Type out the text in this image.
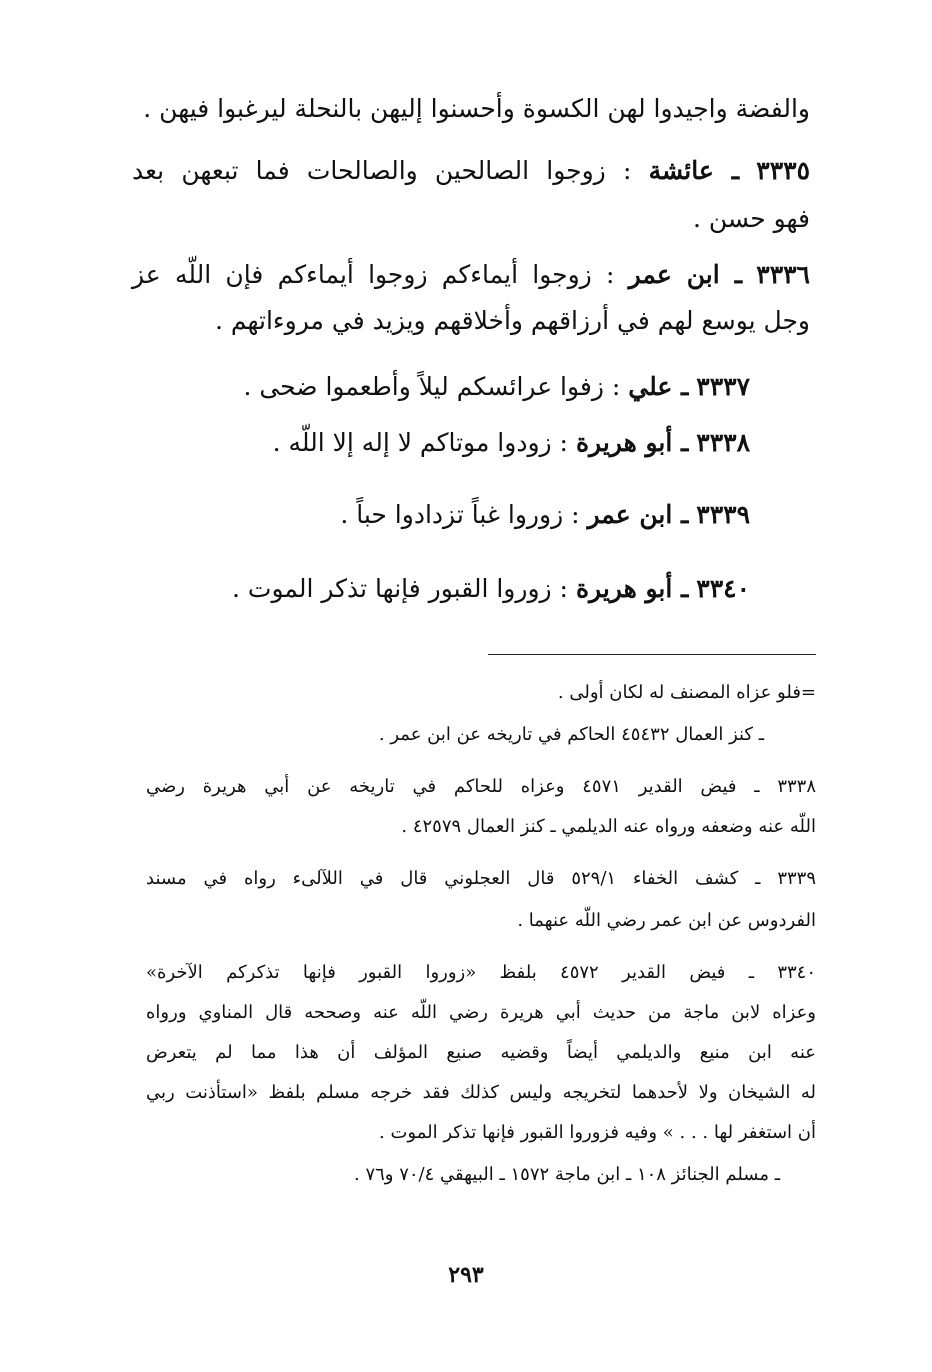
والفضة واجيدوا لهن الكسوة وأحسنوا إليهن بالنحلة ليرغبوا فيهن .

٣٣٣٥ ـ عائشة : زوجوا الصالحين والصالحات فما تبعهن بعد

فهو حسن .

٣٣٣٦ ـ ابن عمر : زوجوا أيماءكم زوجوا أيماءكم فإن اللّه عز

وجل يوسع لهم في أرزاقهم وأخلاقهم ويزيد في مروءاتهم .

٣٣٣٧ ـ علي : زفوا عرائسكم ليلاً وأطعموا ضحى .

٣٣٣٨ ـ أبو هريرة : زودوا موتاكم لا إله إلا اللّه .

٣٣٣٩ ـ ابن عمر : زوروا غباً تزدادوا حباً .

٣٣٤٠ ـ أبو هريرة : زوروا القبور فإنها تذكر الموت .

=فلو عزاه المصنف له لكان أولى .

ـ كنز العمال ٤٥٤٣٢ الحاكم في تاريخه عن ابن عمر .

٣٣٣٨ ـ فيض القدير ٤٥٧١ وعزاه للحاكم في تاريخه عن أبي هريرة رضي

اللّه عنه وضعفه ورواه عنه الديلمي ـ كنز العمال ٤٢٥٧٩ .

٣٣٣٩ ـ كشف الخفاء ٥٢٩/١ قال العجلوني قال في اللآلىء رواه في مسند

الفردوس عن ابن عمر رضي اللّه عنهما .

٣٣٤٠ ـ فيض القدير ٤٥٧٢ بلفظ «زوروا القبور فإنها تذكركم الآخرة»

وعزاه لابن ماجة من حديث أبي هريرة رضي اللّه عنه وصححه قال المناوي ورواه

عنه ابن منيع والديلمي أيضاً وقضيه صنيع المؤلف أن هذا مما لم يتعرض

له الشيخان ولا لأحدهما لتخريجه وليس كذلك فقد خرجه مسلم بلفظ «استأذنت ربي

أن استغفر لها . . . » وفيه فزوروا القبور فإنها تذكر الموت .

ـ مسلم الجنائز ١٠٨ ـ ابن ماجة ١٥٧٢ ـ البيهقي ٧٠/٤ و٧٦ .

٢٩٣
